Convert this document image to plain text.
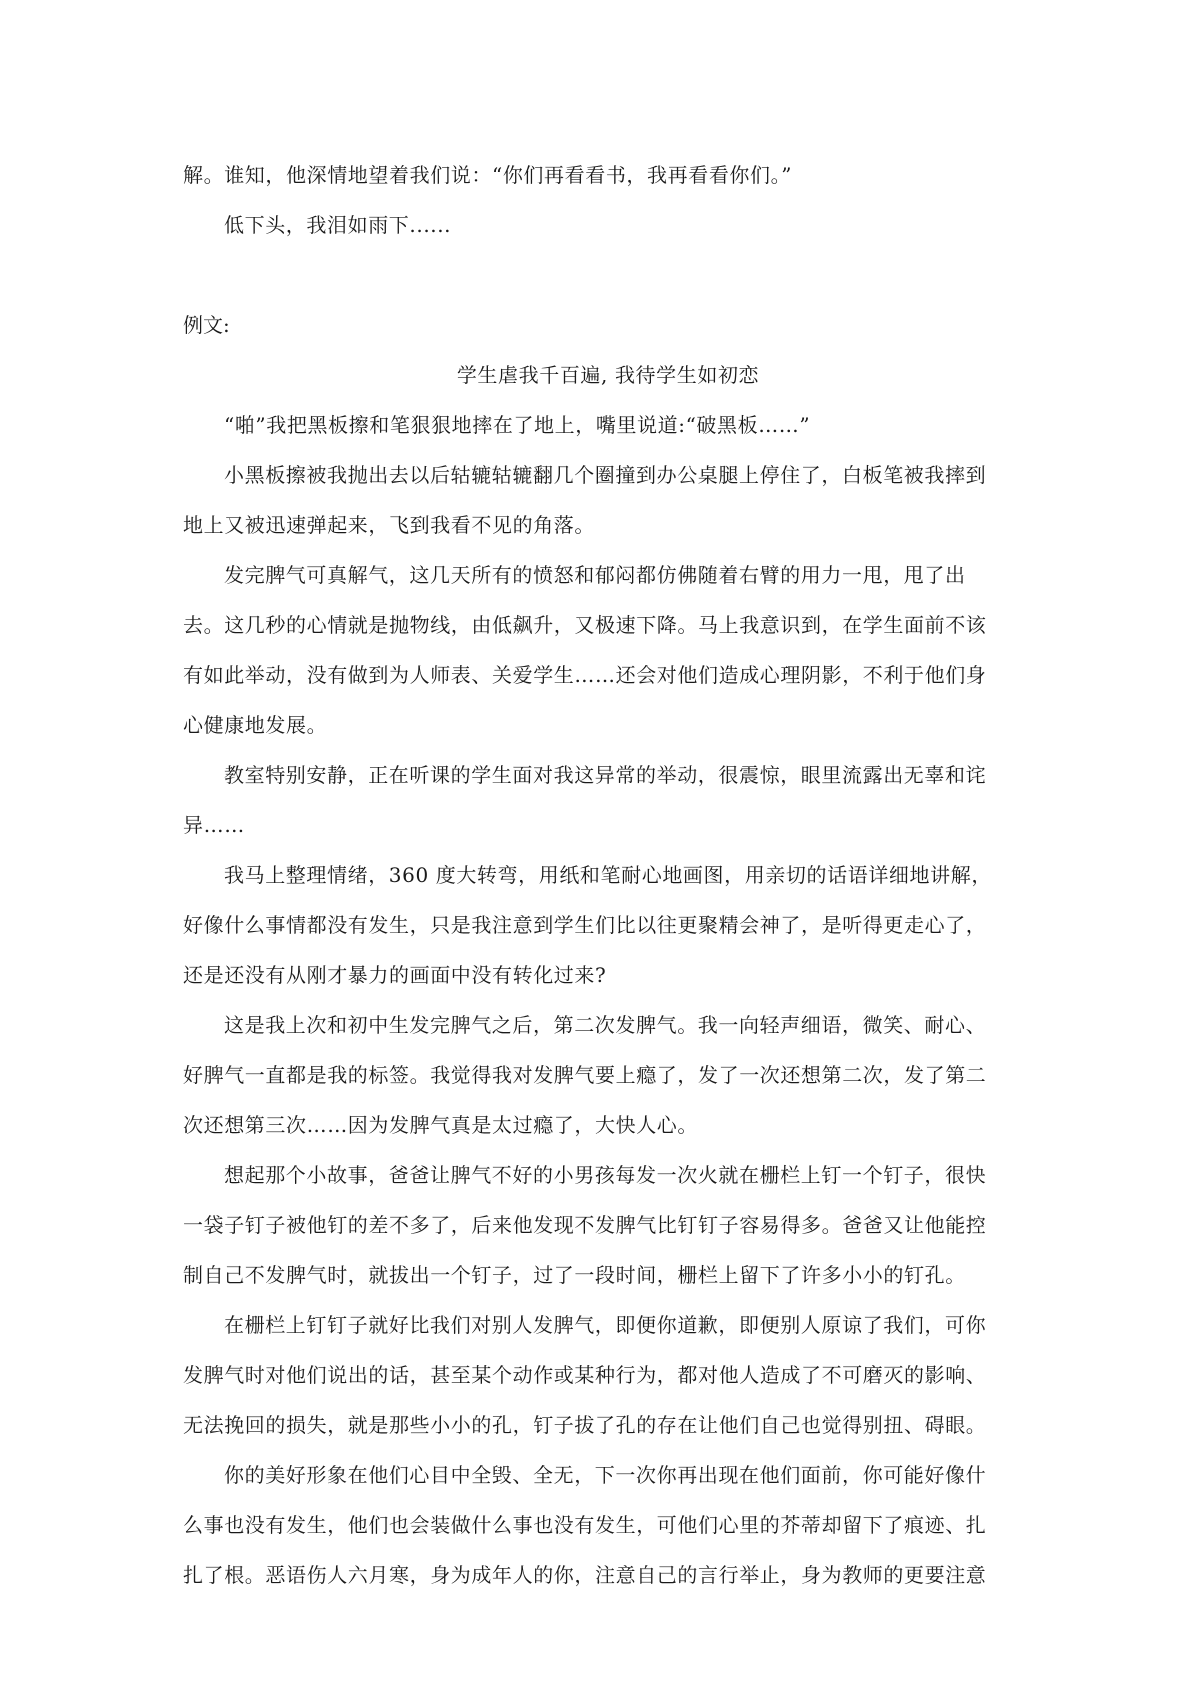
解。谁知，他深情地望着我们说：“你们再看看书，我再看看你们。”
低下头，我泪如雨下......
例文:
学生虐我千百遍, 我待学生如初恋
“啪”我把黑板擦和笔狠狠地摔在了地上，嘴里说道:“破黑板……”
小黑板擦被我抛出去以后轱辘轱辘翻几个圈撞到办公桌腿上停住了，白板笔被我摔到
地上又被迅速弹起来，飞到我看不见的角落。
发完脾气可真解气，这几天所有的愤怒和郁闷都仿佛随着右臂的用力一甩，甩了出
去。这几秒的心情就是抛物线，由低飙升，又极速下降。马上我意识到，在学生面前不该
有如此举动，没有做到为人师表、关爱学生……还会对他们造成心理阴影，不利于他们身
心健康地发展。
教室特别安静，正在听课的学生面对我这异常的举动，很震惊，眼里流露出无辜和诧
异……
我马上整理情绪，360 度大转弯，用纸和笔耐心地画图，用亲切的话语详细地讲解，
好像什么事情都没有发生，只是我注意到学生们比以往更聚精会神了，是听得更走心了，
还是还没有从刚才暴力的画面中没有转化过来?
这是我上次和初中生发完脾气之后，第二次发脾气。我一向轻声细语，微笑、耐心、
好脾气一直都是我的标签。我觉得我对发脾气要上瘾了，发了一次还想第二次，发了第二
次还想第三次……因为发脾气真是太过瘾了，大快人心。
想起那个小故事，爸爸让脾气不好的小男孩每发一次火就在栅栏上钉一个钉子，很快
一袋子钉子被他钉的差不多了，后来他发现不发脾气比钉钉子容易得多。爸爸又让他能控
制自己不发脾气时，就拔出一个钉子，过了一段时间，栅栏上留下了许多小小的钉孔。
在栅栏上钉钉子就好比我们对别人发脾气，即便你道歉，即便别人原谅了我们，可你
发脾气时对他们说出的话，甚至某个动作或某种行为，都对他人造成了不可磨灭的影响、
无法挽回的损失，就是那些小小的孔，钉子拔了孔的存在让他们自己也觉得别扭、碍眼。
你的美好形象在他们心目中全毁、全无，下一次你再出现在他们面前，你可能好像什
么事也没有发生，他们也会装做什么事也没有发生，可他们心里的芥蒂却留下了痕迹、扎
扎了根。恶语伤人六月寒，身为成年人的你，注意自己的言行举止，身为教师的更要注意
